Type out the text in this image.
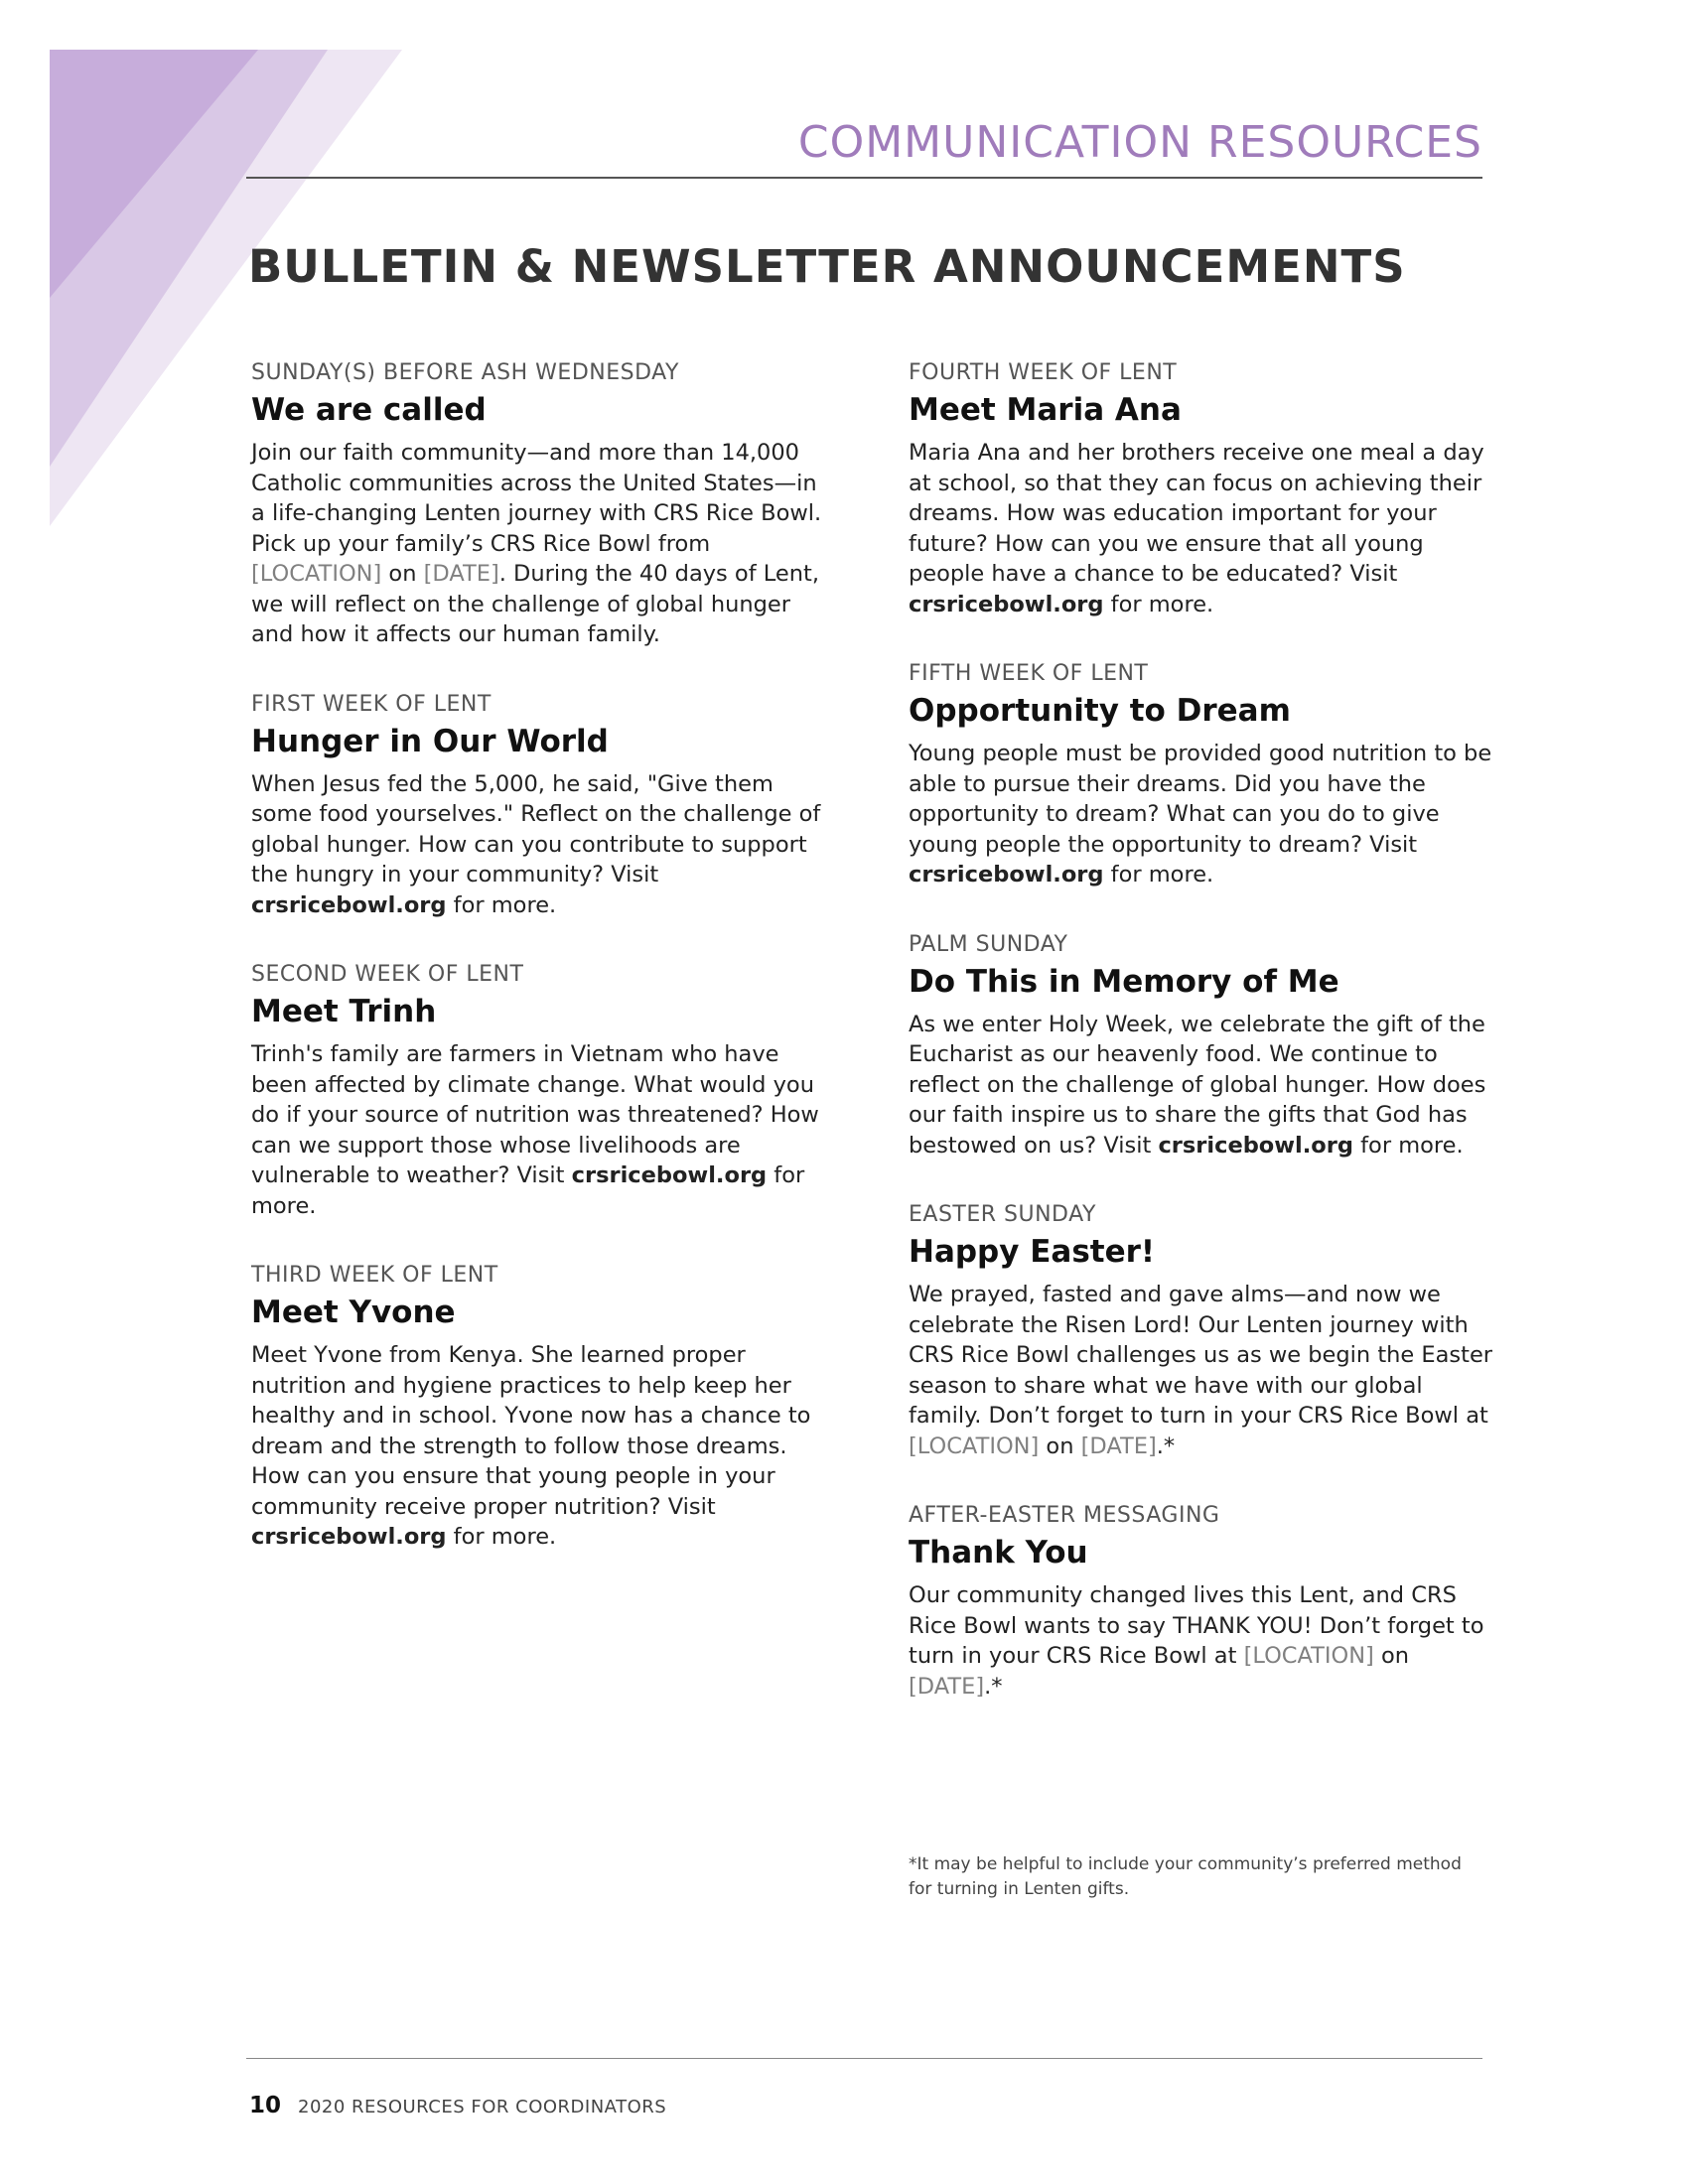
COMMUNICATION RESOURCES
BULLETIN & NEWSLETTER ANNOUNCEMENTS
SUNDAY(S) BEFORE ASH WEDNESDAY
We are called

Join our faith community—and more than 14,000 Catholic communities across the United States—in a life-changing Lenten journey with CRS Rice Bowl. Pick up your family’s CRS Rice Bowl from [LOCATION] on [DATE]. During the 40 days of Lent, we will reflect on the challenge of global hunger and how it affects our human family.

FIRST WEEK OF LENT
Hunger in Our World

When Jesus fed the 5,000, he said, "Give them some food yourselves." Reflect on the challenge of global hunger. How can you contribute to support the hungry in your community? Visit crsricebowl.org for more.

SECOND WEEK OF LENT
Meet Trinh

Trinh's family are farmers in Vietnam who have been affected by climate change. What would you do if your source of nutrition was threatened? How can we support those whose livelihoods are vulnerable to weather? Visit crsricebowl.org for more.

THIRD WEEK OF LENT
Meet Yvone

Meet Yvone from Kenya. She learned proper nutrition and hygiene practices to help keep her healthy and in school. Yvone now has a chance to dream and the strength to follow those dreams. How can you ensure that young people in your community receive proper nutrition? Visit crsricebowl.org for more.

FOURTH WEEK OF LENT
Meet Maria Ana

Maria Ana and her brothers receive one meal a day at school, so that they can focus on achieving their dreams. How was education important for your future? How can you we ensure that all young people have a chance to be educated? Visit crsricebowl.org for more.

FIFTH WEEK OF LENT
Opportunity to Dream

Young people must be provided good nutrition to be able to pursue their dreams. Did you have the opportunity to dream? What can you do to give young people the opportunity to dream? Visit crsricebowl.org for more.

PALM SUNDAY
Do This in Memory of Me

As we enter Holy Week, we celebrate the gift of the Eucharist as our heavenly food. We continue to reflect on the challenge of global hunger. How does our faith inspire us to share the gifts that God has bestowed on us? Visit crsricebowl.org for more.

EASTER SUNDAY
Happy Easter!

We prayed, fasted and gave alms—and now we celebrate the Risen Lord! Our Lenten journey with CRS Rice Bowl challenges us as we begin the Easter season to share what we have with our global family. Don’t forget to turn in your CRS Rice Bowl at [LOCATION] on [DATE].*

AFTER-EASTER MESSAGING
Thank You

Our community changed lives this Lent, and CRS Rice Bowl wants to say THANK YOU! Don’t forget to turn in your CRS Rice Bowl at [LOCATION] on [DATE].*

*It may be helpful to include your community’s preferred method for turning in Lenten gifts.
10 2020 RESOURCES FOR COORDINATORS
